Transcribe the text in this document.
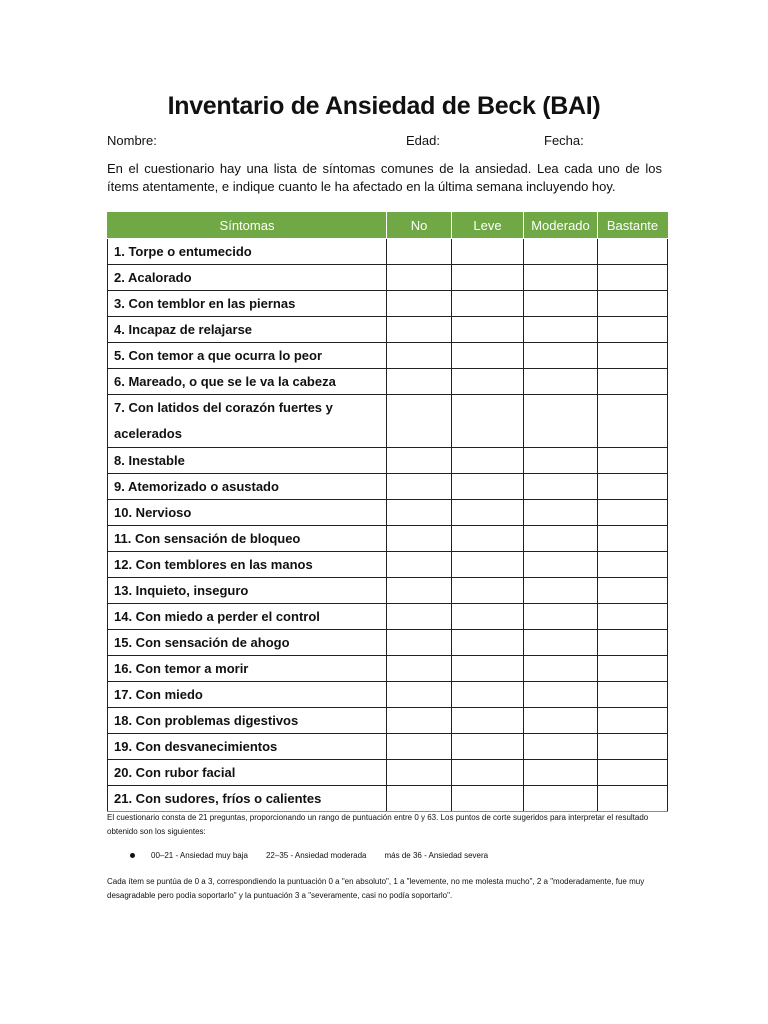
Inventario de Ansiedad de Beck (BAI)
Nombre:	Edad:	Fecha:
En el cuestionario hay una lista de síntomas comunes de la ansiedad. Lea cada uno de los ítems atentamente, e indique cuanto le ha afectado en la última semana incluyendo hoy.
Síntomas	No	Leve	Moderado	Bastante
1. Torpe o entumecido				
2. Acalorado				
3. Con temblor en las piernas				
4. Incapaz de relajarse				
5. Con temor a que ocurra lo peor				
6. Mareado, o que se le va la cabeza				
7. Con latidos del corazón fuertes y acelerados				
8. Inestable				
9. Atemorizado o asustado				
10. Nervioso				
11. Con sensación de bloqueo				
12. Con temblores en las manos				
13. Inquieto, inseguro				
14. Con miedo a perder el control				
15. Con sensación de ahogo				
16. Con temor a morir				
17. Con miedo				
18. Con problemas digestivos				
19. Con desvanecimientos				
20. Con rubor facial				
21. Con sudores, fríos o calientes				
El cuestionario consta de 21 preguntas, proporcionando un rango de puntuación entre 0 y 63. Los puntos de corte sugeridos para interpretar el resultado obtenido son los siguientes:
00–21 - Ansiedad muy baja 22–35 - Ansiedad moderada más de 36 - Ansiedad severa
Cada ítem se puntúa de 0 a 3, correspondiendo la puntuación 0 a "en absoluto", 1 a "levemente, no me molesta mucho", 2 a "moderadamente, fue muy desagradable pero podía soportarlo" y la puntuación 3 a "severamente, casi no podía soportarlo".
